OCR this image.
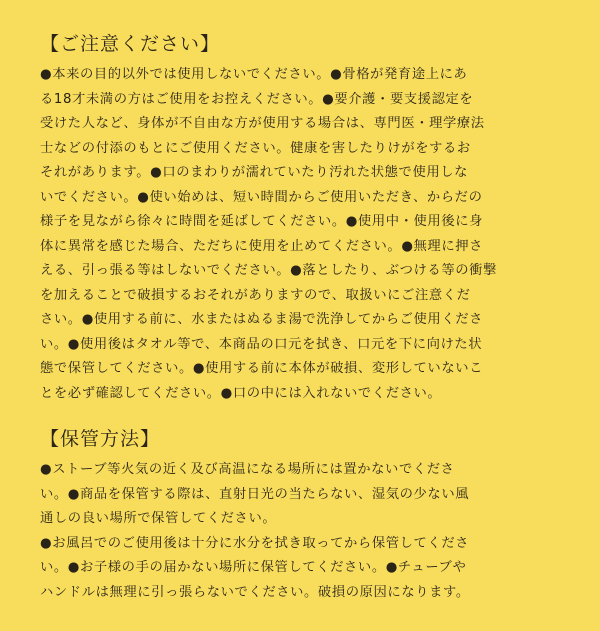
【ご注意ください】
●本来の目的以外では使用しないでください。●骨格が発育途上にあ
る18才未満の方はご使用をお控えください。●要介護・要支援認定を
受けた人など、身体が不自由な方が使用する場合は、専門医・理学療法
士などの付添のもとにご使用ください。健康を害したりけがをするお
それがあります。●口のまわりが濡れていたり汚れた状態で使用しな
いでください。●使い始めは、短い時間からご使用いただき、からだの
様子を見ながら徐々に時間を延ばしてください。●使用中・使用後に身
体に異常を感じた場合、ただちに使用を止めてください。●無理に押さ
える、引っ張る等はしないでください。●落としたり、ぶつける等の衝撃
を加えることで破損するおそれがありますので、取扱いにご注意くだ
さい。●使用する前に、水またはぬるま湯で洗浄してからご使用くださ
い。●使用後はタオル等で、本商品の口元を拭き、口元を下に向けた状
態で保管してください。●使用する前に本体が破損、変形していないこ
とを必ず確認してください。●口の中には入れないでください。
【保管方法】
●ストーブ等火気の近く及び高温になる場所には置かないでくださ
い。●商品を保管する際は、直射日光の当たらない、湿気の少ない風
通しの良い場所で保管してください。
●お風呂でのご使用後は十分に水分を拭き取ってから保管してくださ
い。●お子様の手の届かない場所に保管してください。●チューブや
ハンドルは無理に引っ張らないでください。破損の原因になります。
